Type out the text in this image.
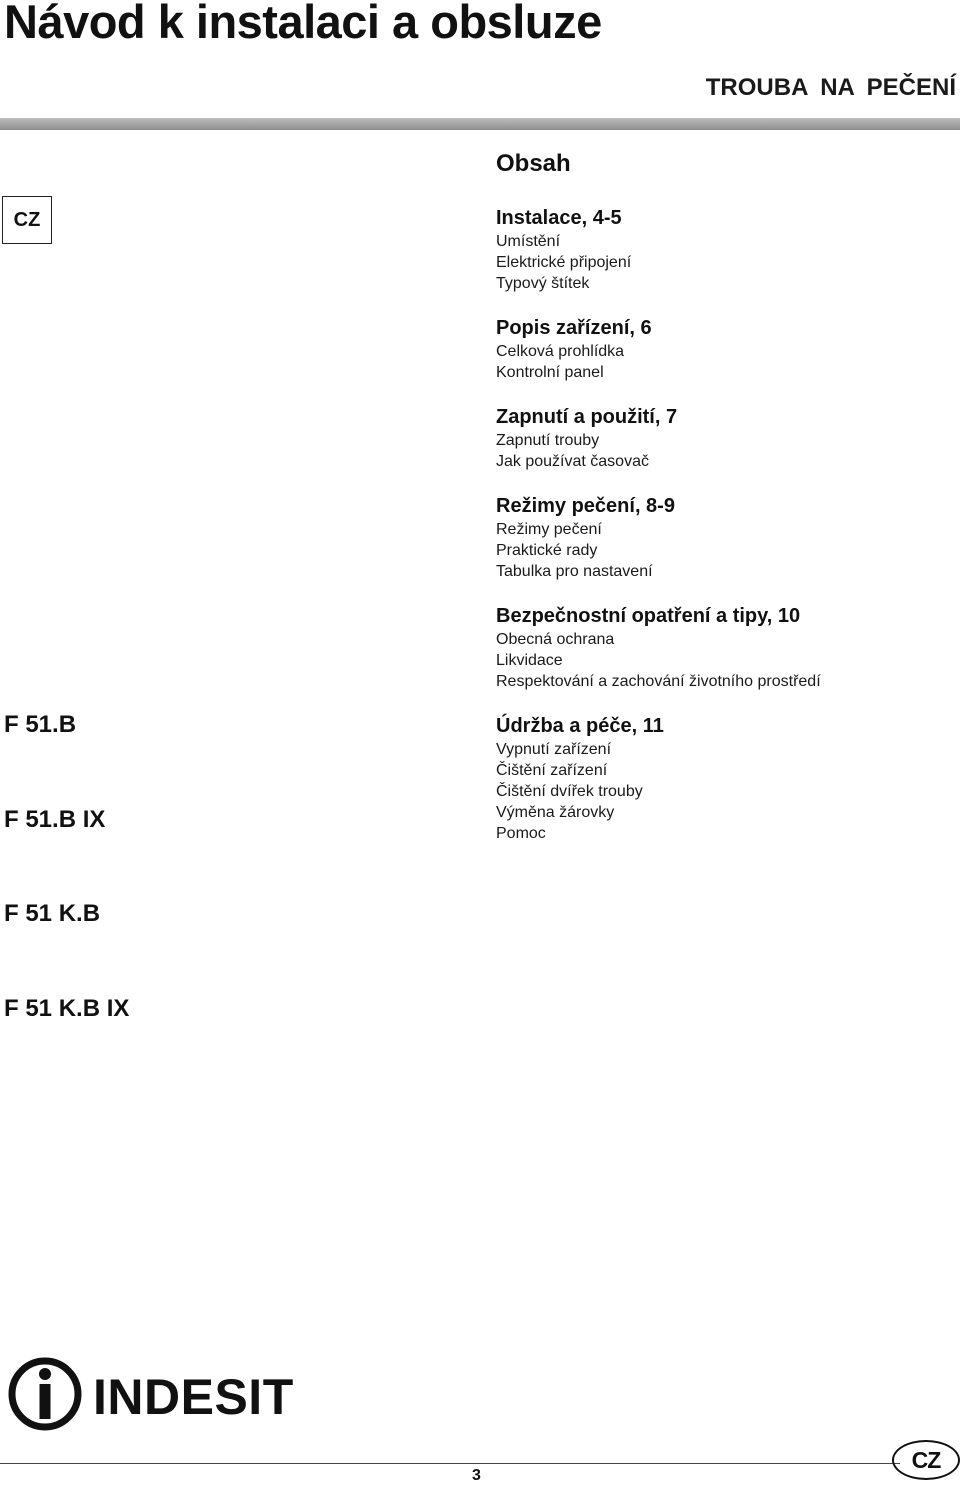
Návod k instalaci a obsluze
TROUBA NA PEČENÍ
CZ

F 51.B

F 51.B IX

F 51 K.B

F 51 K.B IX

Obsah
Instalace, 4-5
Umístění
Elektrické připojení
Typový štítek
Popis zařízení, 6
Celková prohlídka
Kontrolní panel
Zapnutí a použití, 7
Zapnutí trouby
Jak používat časovač
Režimy pečení, 8-9
Režimy pečení
Praktické rady
Tabulka pro nastavení
Bezpečnostní opatření a tipy, 10
Obecná ochrana
Likvidace
Respektování a zachování životního prostředí
Údržba a péče, 11
Vypnutí zařízení
Čištění zařízení
Čištění dvířek trouby
Výměna žárovky
Pomoc
INDESIT
3
CZ
